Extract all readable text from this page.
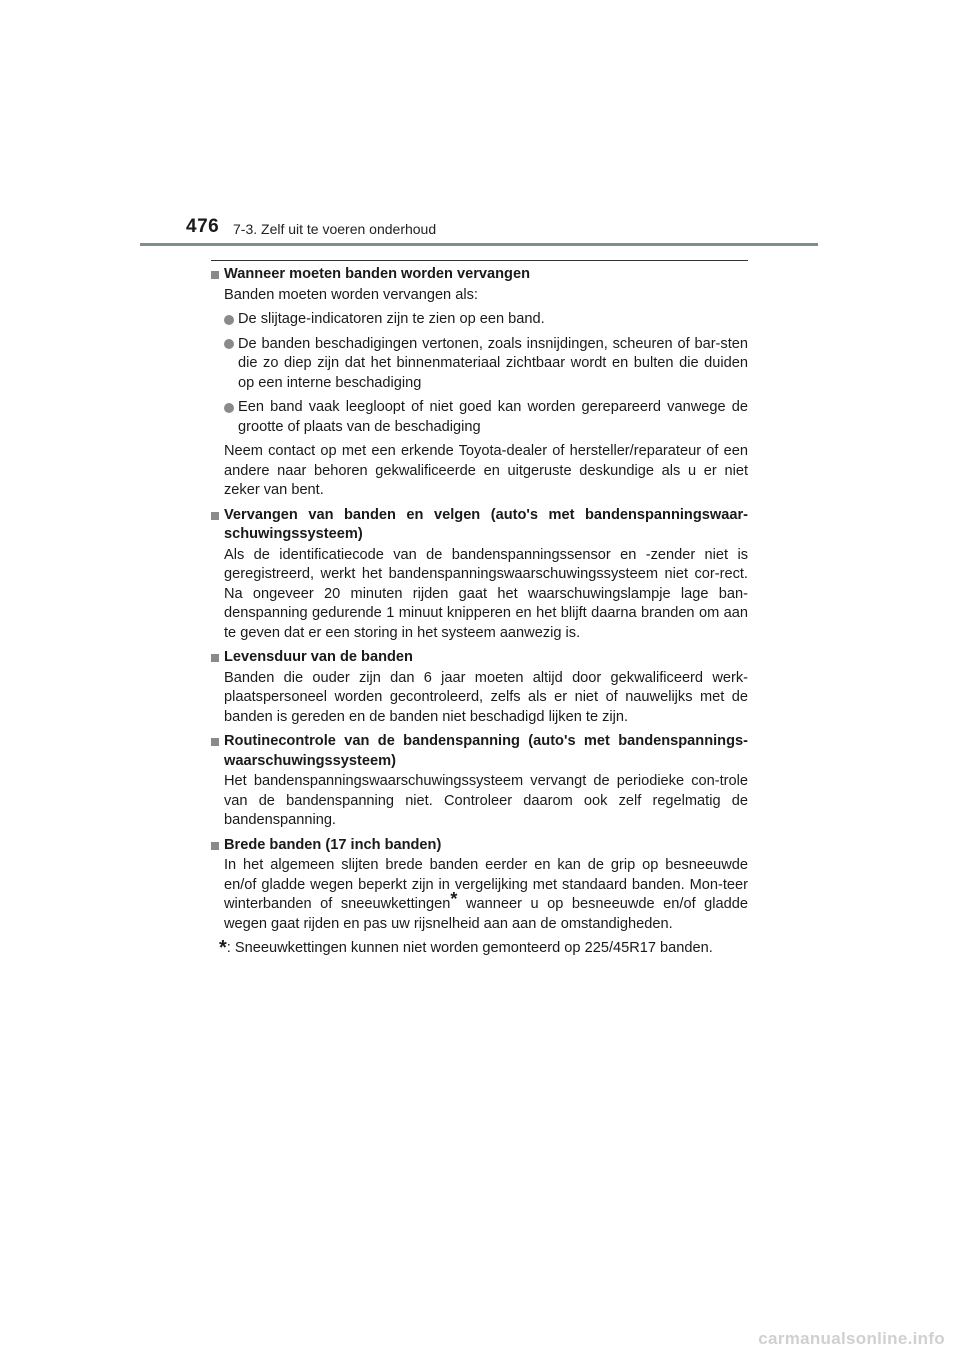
476 7-3. Zelf uit te voeren onderhoud
Wanneer moeten banden worden vervangen
Banden moeten worden vervangen als:
De slijtage-indicatoren zijn te zien op een band.
De banden beschadigingen vertonen, zoals insnijdingen, scheuren of bar-sten die zo diep zijn dat het binnenmateriaal zichtbaar wordt en bulten die duiden op een interne beschadiging
Een band vaak leegloopt of niet goed kan worden gerepareerd vanwege de grootte of plaats van de beschadiging
Neem contact op met een erkende Toyota-dealer of hersteller/reparateur of een andere naar behoren gekwalificeerde en uitgeruste deskundige als u er niet zeker van bent.
Vervangen van banden en velgen (auto's met bandenspanningswaar-schuwingssysteem)
Als de identificatiecode van de bandenspanningssensor en -zender niet is geregistreerd, werkt het bandenspanningswaarschuwingssysteem niet cor-rect. Na ongeveer 20 minuten rijden gaat het waarschuwingslampje lage ban-denspanning gedurende 1 minuut knipperen en het blijft daarna branden om aan te geven dat er een storing in het systeem aanwezig is.
Levensduur van de banden
Banden die ouder zijn dan 6 jaar moeten altijd door gekwalificeerd werk-plaatspersoneel worden gecontroleerd, zelfs als er niet of nauwelijks met de banden is gereden en de banden niet beschadigd lijken te zijn.
Routinecontrole van de bandenspanning (auto's met bandenspannings-waarschuwingssysteem)
Het bandenspanningswaarschuwingssysteem vervangt de periodieke con-trole van de bandenspanning niet. Controleer daarom ook zelf regelmatig de bandenspanning.
Brede banden (17 inch banden)
In het algemeen slijten brede banden eerder en kan de grip op besneeuwde en/of gladde wegen beperkt zijn in vergelijking met standaard banden. Mon-teer winterbanden of sneeuwkettingen* wanneer u op besneeuwde en/of gladde wegen gaat rijden en pas uw rijsnelheid aan aan de omstandigheden.
* : Sneeuwkettingen kunnen niet worden gemonteerd op 225/45R17 banden.
carmanualsonline.info
